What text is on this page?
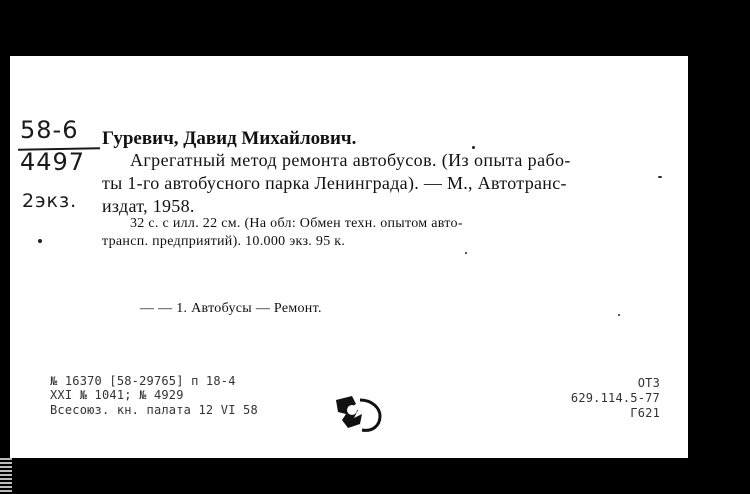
58-6
4497
2экз.
Гуревич, Давид Михайлович.
Агрегатный метод ремонта автобусов. (Из опыта рабо-
ты 1-го автобусного парка Ленинграда). — М., Автотранс-
издат, 1958.
32 с. с илл. 22 см. (На обл: Обмен техн. опытом авто-
трансп. предприятий). 10.000 экз. 95 к.
— — 1. Автобусы — Ремонт.
№ 16370 [58-29765] п 18-4
XXI № 1041; № 4929
Всесоюз. кн. палата 12 VI 58
ОТЗ
629.114.5-77
Г621
